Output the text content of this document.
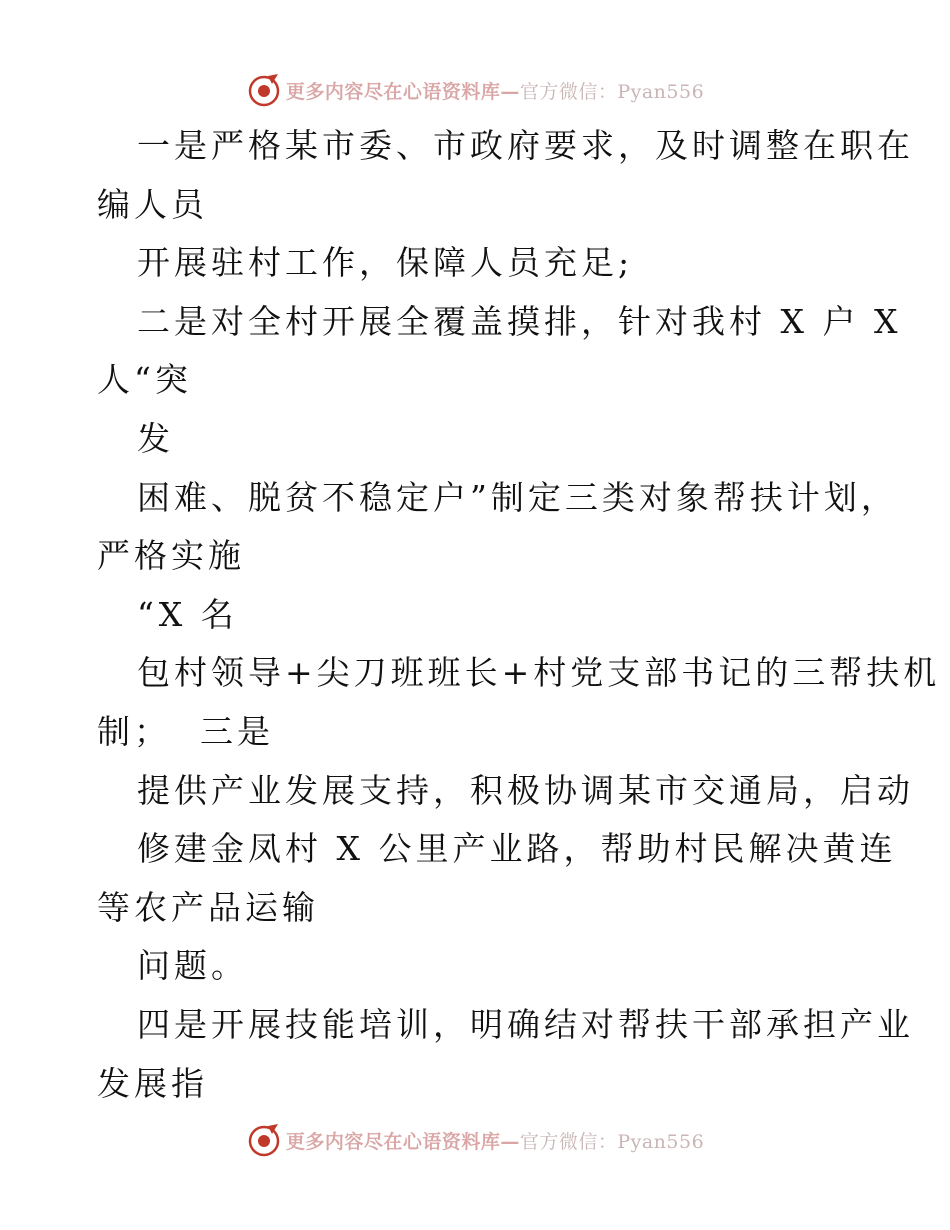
更多内容尽在心语资料库—官方微信：Pyan556
一是严格某市委、市政府要求，及时调整在职在
编人员
开展驻村工作，保障人员充足;
二是对全村开展全覆盖摸排，针对我村 X 户 X
人“突
发
困难、脱贫不稳定户”制定三类对象帮扶计划，
严格实施
“X 名
包村领导+尖刀班班长+村党支部书记的三帮扶机
制；  三是
提供产业发展支持，积极协调某市交通局，启动
修建金凤村 X 公里产业路，帮助村民解决黄连
等农产品运输
问题。
四是开展技能培训，明确结对帮扶干部承担产业
发展指
更多内容尽在心语资料库—官方微信：Pyan556
